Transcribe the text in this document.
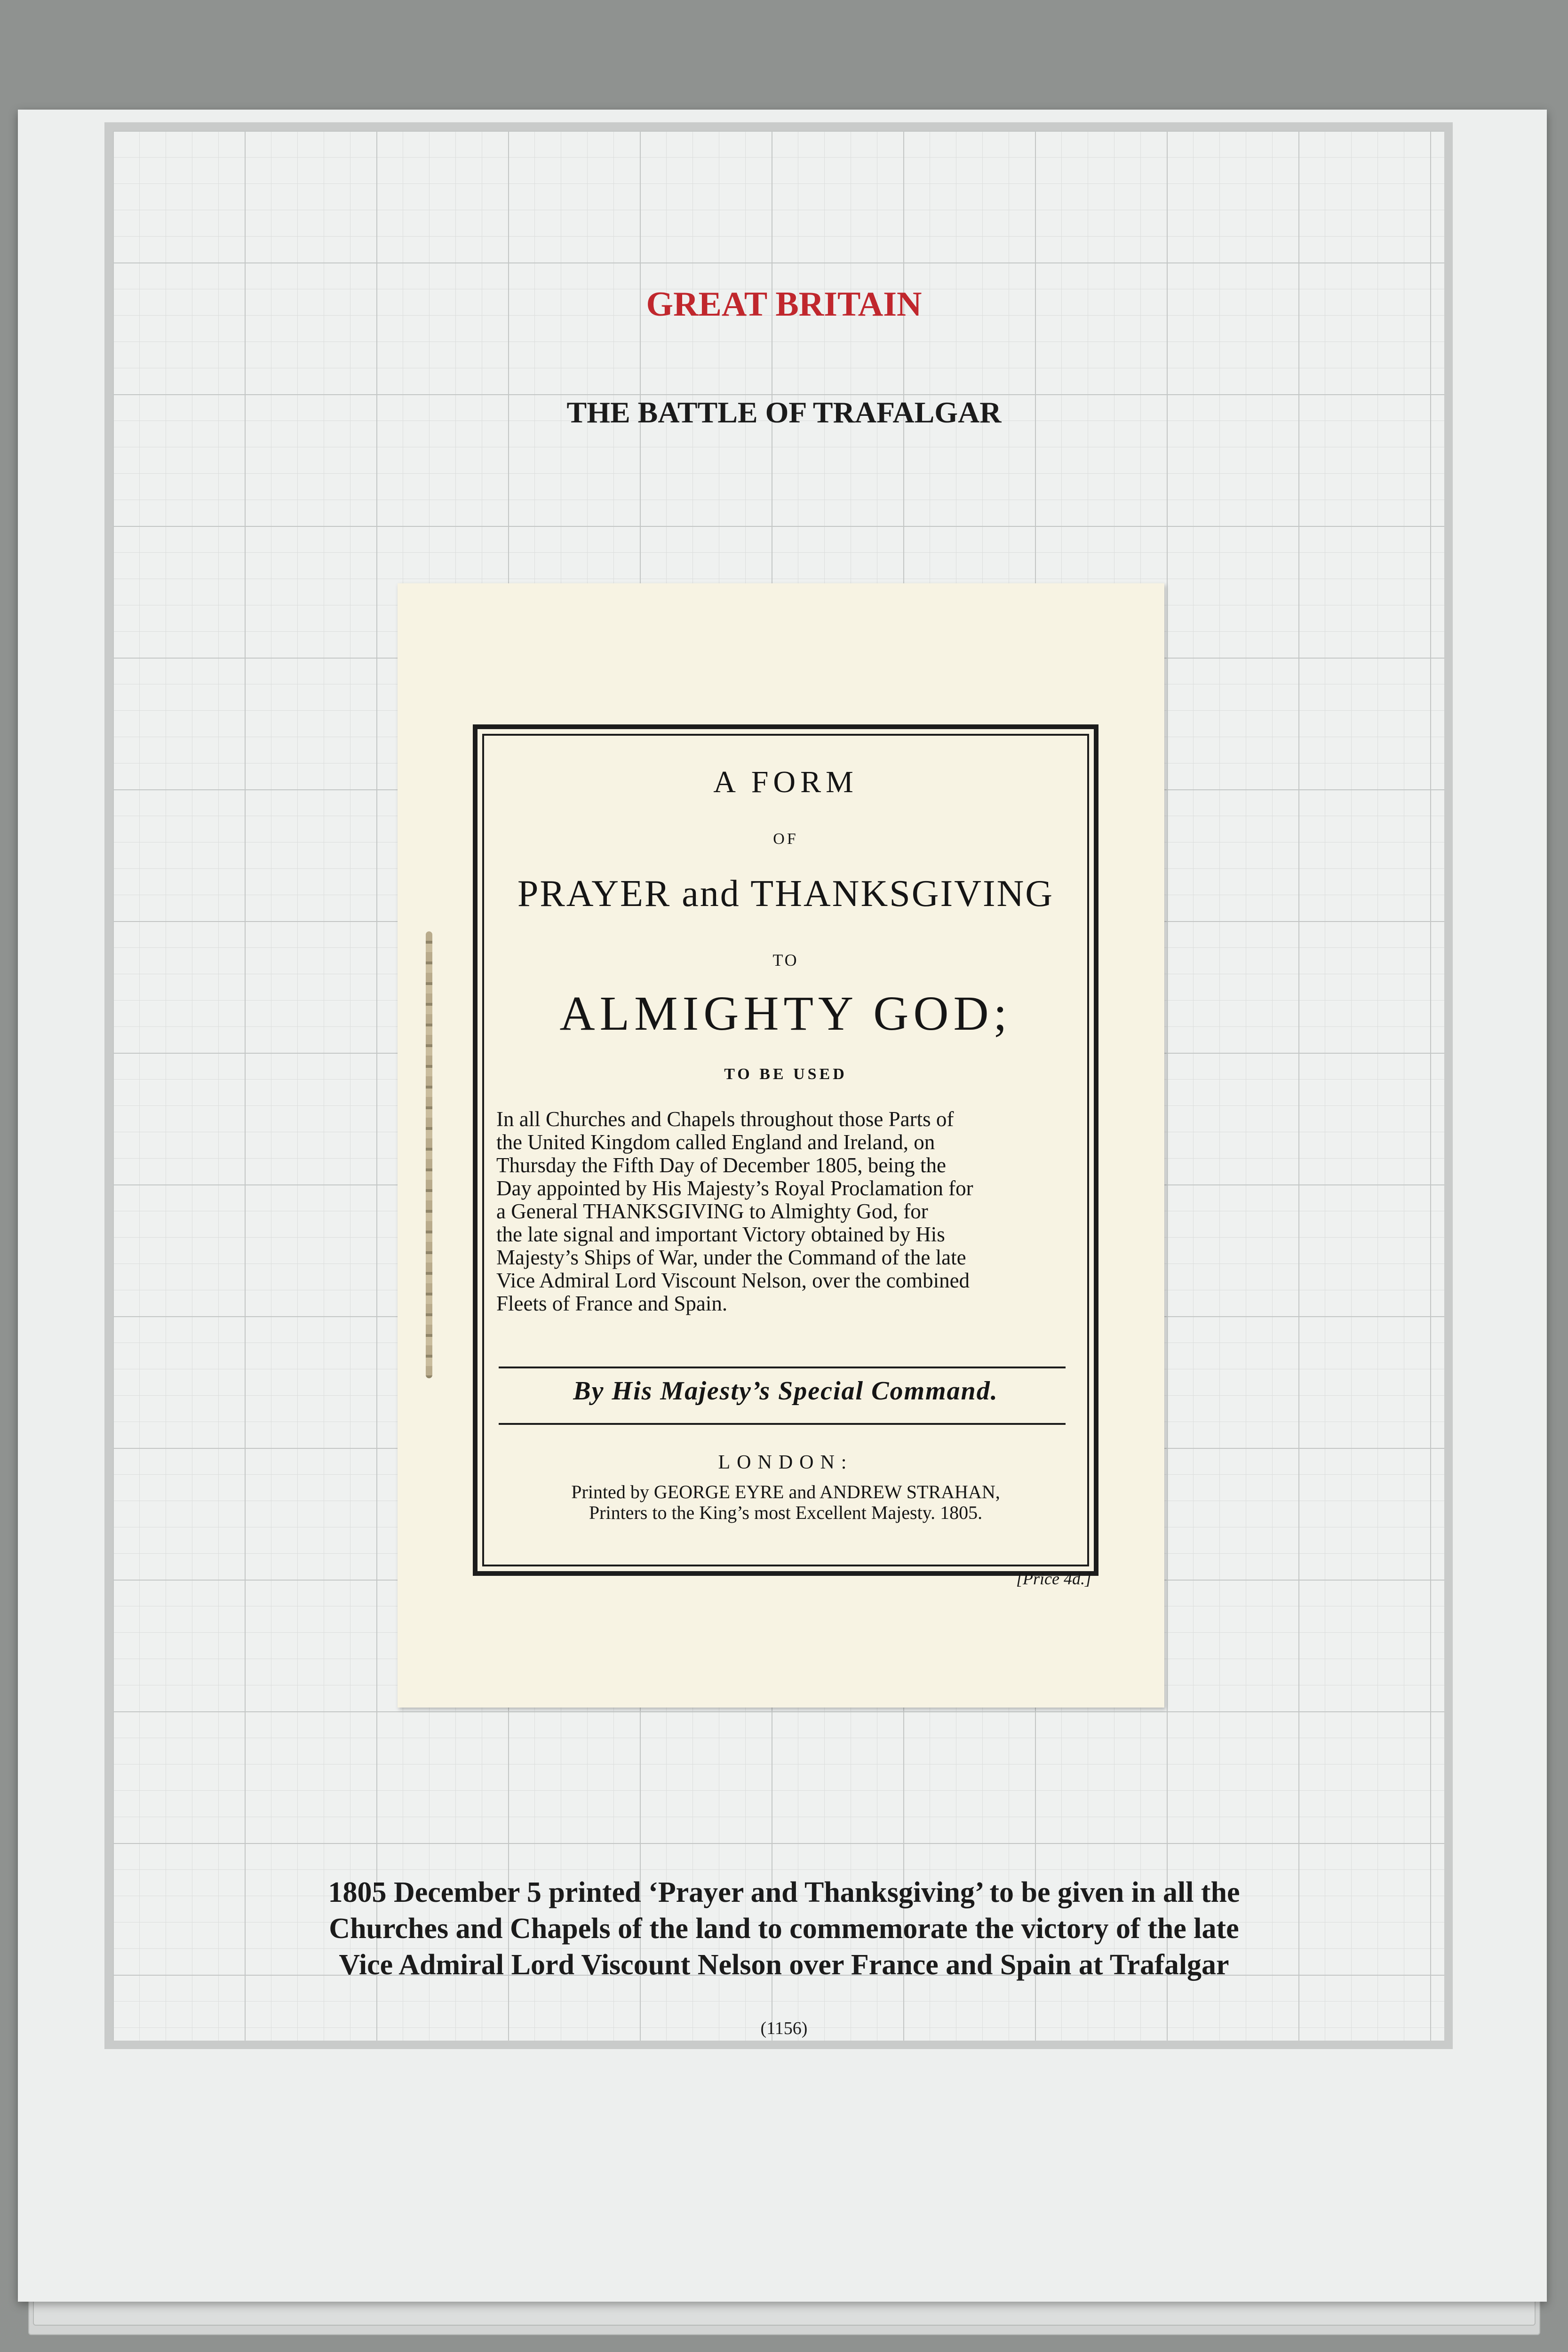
GREAT BRITAIN
THE BATTLE OF TRAFALGAR
A FORM
OF
PRAYER and THANKSGIVING
TO
ALMIGHTY GOD;
TO BE USED
In all Churches and Chapels throughout those Parts of
the United Kingdom called England and Ireland, on
Thursday the Fifth Day of December 1805, being the
Day appointed by His Majesty’s Royal Proclamation for
a General THANKSGIVING to Almighty God, for
the late signal and important Victory obtained by His
Majesty’s Ships of War, under the Command of the late
Vice Admiral Lord Viscount Nelson, over the combined
Fleets of France and Spain.
By His Majesty’s Special Command.
LONDON:
Printed by GEORGE EYRE and ANDREW STRAHAN,
Printers to the King’s most Excellent Majesty. 1805.
[Price 4d.]
1805 December 5 printed ‘Prayer and Thanksgiving’ to be given in all the
Churches and Chapels of the land to commemorate the victory of the late
Vice Admiral Lord Viscount Nelson over France and Spain at Trafalgar
(1156)
